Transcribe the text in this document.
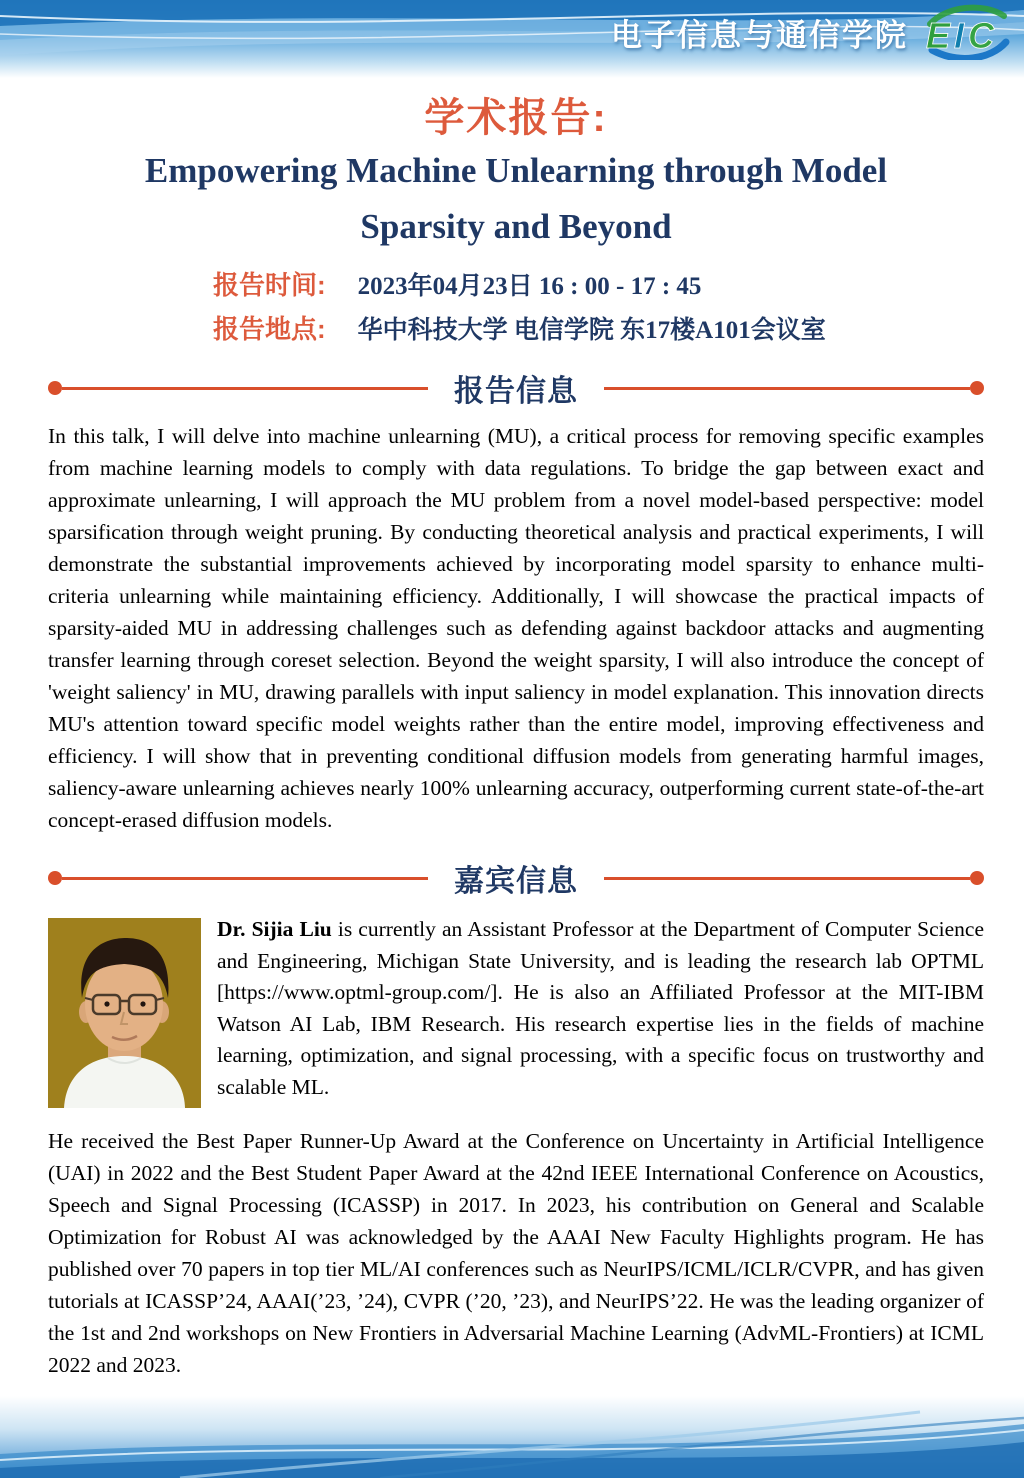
电子信息与通信学院 E I C
学术报告:
Empowering Machine Unlearning through Model
Sparsity and Beyond
报告时间: 2023年04月23日 16 : 00 - 17 : 45
报告地点: 华中科技大学 电信学院 东17楼A101会议室
报告信息

In this talk, I will delve into machine unlearning (MU), a critical process for removing specific examples from machine learning models to comply with data regulations. To bridge the gap between exact and approximate unlearning, I will approach the MU problem from a novel model-based perspective: model sparsification through weight pruning. By conducting theoretical analysis and practical experiments, I will demonstrate the substantial improvements achieved by incorporating model sparsity to enhance multi-criteria unlearning while maintaining efficiency. Additionally, I will showcase the practical impacts of sparsity-aided MU in addressing challenges such as defending against backdoor attacks and augmenting transfer learning through coreset selection. Beyond the weight sparsity, I will also introduce the concept of 'weight saliency' in MU, drawing parallels with input saliency in model explanation. This innovation directs MU's attention toward specific model weights rather than the entire model, improving effectiveness and efficiency. I will show that in preventing conditional diffusion models from generating harmful images, saliency-aware unlearning achieves nearly 100% unlearning accuracy, outperforming current state-of-the-art concept-erased diffusion models.

嘉宾信息

Dr. Sijia Liu is currently an Assistant Professor at the Department of Computer Science and Engineering, Michigan State University, and is leading the research lab OPTML [https://www.optml-group.com/]. He is also an Affiliated Professor at the MIT-IBM Watson AI Lab, IBM Research. His research expertise lies in the fields of machine learning, optimization, and signal processing, with a specific focus on trustworthy and scalable ML.

He received the Best Paper Runner-Up Award at the Conference on Uncertainty in Artificial Intelligence (UAI) in 2022 and the Best Student Paper Award at the 42nd IEEE International Conference on Acoustics, Speech and Signal Processing (ICASSP) in 2017. In 2023, his contribution on General and Scalable Optimization for Robust AI was acknowledged by the AAAI New Faculty Highlights program. He has published over 70 papers in top tier ML/AI conferences such as NeurIPS/ICML/ICLR/CVPR, and has given tutorials at ICASSP’24, AAAI(’23, ’24), CVPR (’20, ’23), and NeurIPS’22. He was the leading organizer of the 1st and 2nd workshops on New Frontiers in Adversarial Machine Learning (AdvML-Frontiers) at ICML 2022 and 2023.
